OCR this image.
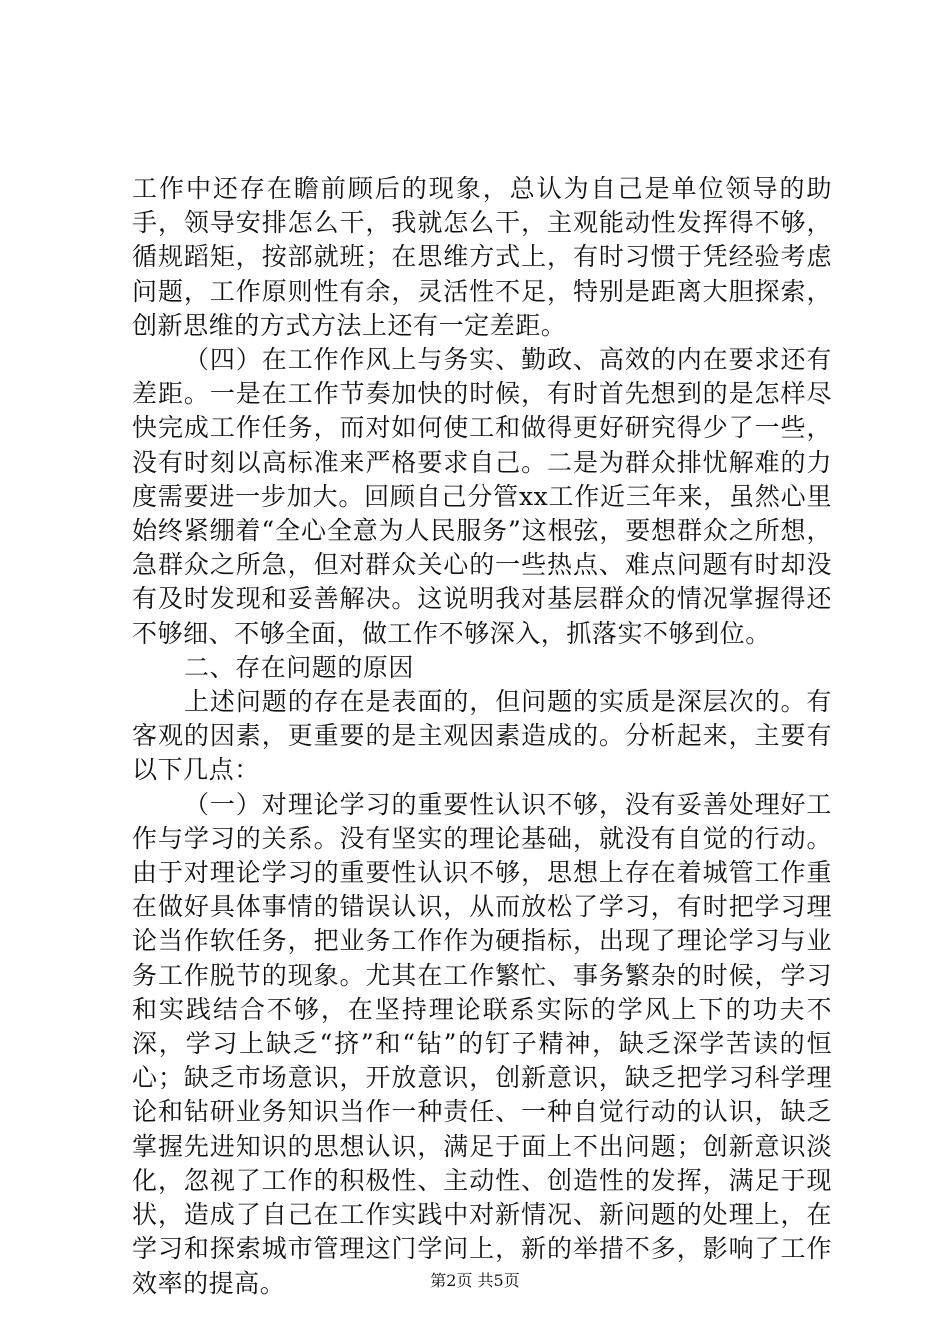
工作中还存在瞻前顾后的现象，总认为自己是单位领导的助手，领导安排怎么干，我就怎么干，主观能动性发挥得不够，循规蹈矩，按部就班；在思维方式上，有时习惯于凭经验考虑问题，工作原则性有余，灵活性不足，特别是距离大胆探索，创新思维的方式方法上还有一定差距。

（四）在工作作风上与务实、勤政、高效的内在要求还有差距。一是在工作节奏加快的时候，有时首先想到的是怎样尽快完成工作任务，而对如何使工和做得更好研究得少了一些，没有时刻以高标准来严格要求自己。二是为群众排忧解难的力度需要进一步加大。回顾自己分管xx工作近三年来，虽然心里始终紧绷着“全心全意为人民服务”这根弦，要想群众之所想，急群众之所急，但对群众关心的一些热点、难点问题有时却没有及时发现和妥善解决。这说明我对基层群众的情况掌握得还不够细、不够全面，做工作不够深入，抓落实不够到位。

二、存在问题的原因

上述问题的存在是表面的，但问题的实质是深层次的。有客观的因素，更重要的是主观因素造成的。分析起来，主要有以下几点：

（一）对理论学习的重要性认识不够，没有妥善处理好工作与学习的关系。没有坚实的理论基础，就没有自觉的行动。由于对理论学习的重要性认识不够，思想上存在着城管工作重在做好具体事情的错误认识，从而放松了学习，有时把学习理论当作软任务，把业务工作作为硬指标，出现了理论学习与业务工作脱节的现象。尤其在工作繁忙、事务繁杂的时候，学习和实践结合不够，在坚持理论联系实际的学风上下的功夫不深，学习上缺乏“挤”和“钻”的钉子精神，缺乏深学苦读的恒心；缺乏市场意识，开放意识，创新意识，缺乏把学习科学理论和钻研业务知识当作一种责任、一种自觉行动的认识，缺乏掌握先进知识的思想认识，满足于面上不出问题；创新意识淡化，忽视了工作的积极性、主动性、创造性的发挥，满足于现状，造成了自己在工作实践中对新情况、新问题的处理上，在学习和探索城市管理这门学问上，新的举措不多，影响了工作效率的提高。	第2页 共5页
